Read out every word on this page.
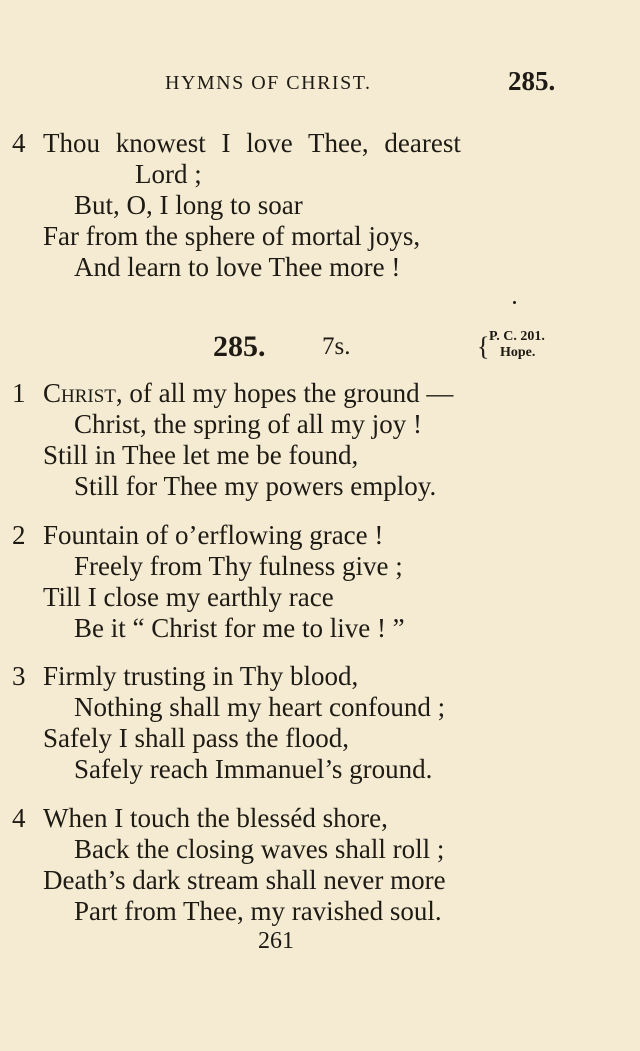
HYMNS OF CHRIST.	285.
4 Thou knowest I love Thee, dearest
Lord ;
But, O, I long to soar
Far from the sphere of mortal joys,
And learn to love Thee more !
285. 7s.	{ P. C. 201.
Hope.
1 Christ, of all my hopes the ground —
Christ, the spring of all my joy !
Still in Thee let me be found,
Still for Thee my powers employ.
2 Fountain of o’erflowing grace !
Freely from Thy fulness give ;
Till I close my earthly race
Be it “ Christ for me to live ! ”
3 Firmly trusting in Thy blood,
Nothing shall my heart confound ;
Safely I shall pass the flood,
Safely reach Immanuel’s ground.
4 When I touch the blesséd shore,
Back the closing waves shall roll ;
Death’s dark stream shall never more
Part from Thee, my ravished soul.
261
